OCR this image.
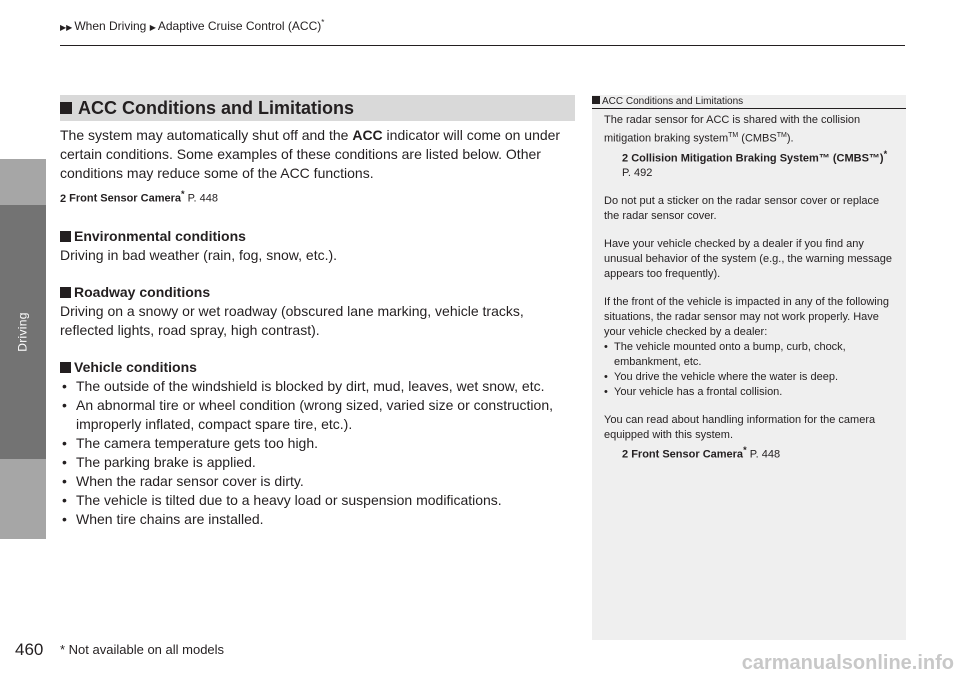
Driving
▶▶ When Driving ▶ Adaptive Cruise Control (ACC)*
ACC Conditions and Limitations

The system may automatically shut off and the ACC indicator will come on under certain conditions. Some examples of these conditions are listed below. Other conditions may reduce some of the ACC functions.

2 Front Sensor Camera* P. 448
Environmental conditions

Driving in bad weather (rain, fog, snow, etc.).

Roadway conditions

Driving on a snowy or wet roadway (obscured lane marking, vehicle tracks, reflected lights, road spray, high contrast).

Vehicle conditions
• The outside of the windshield is blocked by dirt, mud, leaves, wet snow, etc.
• An abnormal tire or wheel condition (wrong sized, varied size or construction, improperly inflated, compact spare tire, etc.).
• The camera temperature gets too high.
• The parking brake is applied.
• When the radar sensor cover is dirty.
• The vehicle is tilted due to a heavy load or suspension modifications.
• When tire chains are installed.
ACC Conditions and Limitations

The radar sensor for ACC is shared with the collision mitigation braking system™ (CMBS™).

2 Collision Mitigation Braking System™ (CMBS™)* P. 492

Do not put a sticker on the radar sensor cover or replace the radar sensor cover.

Have your vehicle checked by a dealer if you find any unusual behavior of the system (e.g., the warning message appears too frequently).

If the front of the vehicle is impacted in any of the following situations, the radar sensor may not work properly. Have your vehicle checked by a dealer:

• The vehicle mounted onto a bump, curb, chock, embankment, etc.
• You drive the vehicle where the water is deep.
• Your vehicle has a frontal collision.

You can read about handling information for the camera equipped with this system.

2 Front Sensor Camera* P. 448

460 * Not available on all models
carmanualsonline.info
